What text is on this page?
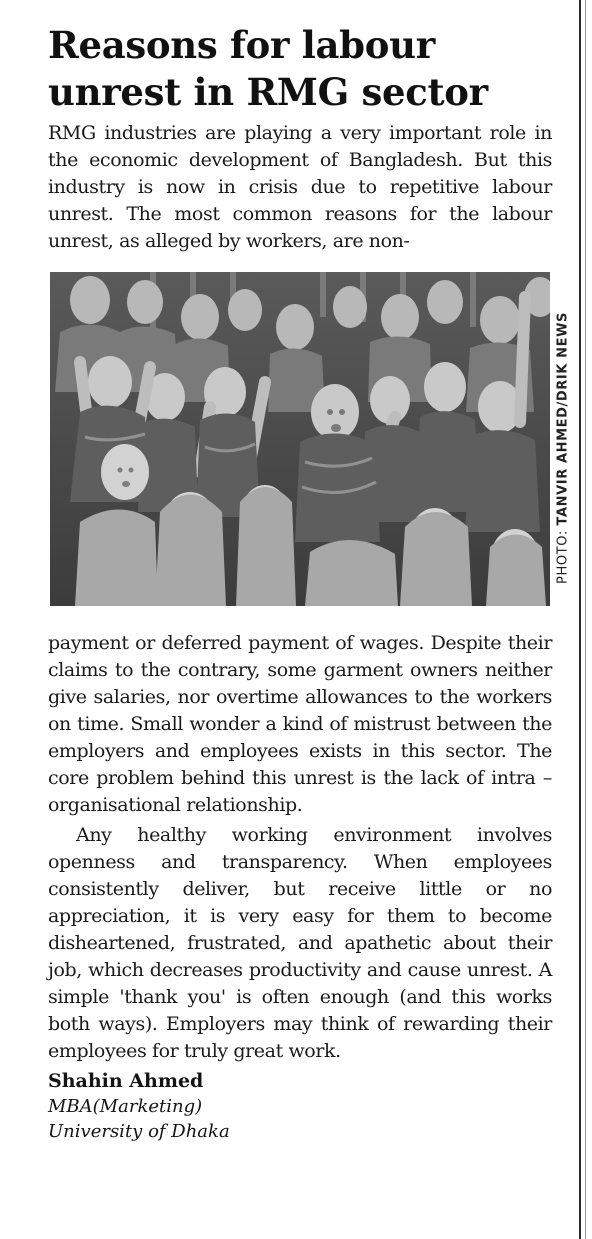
Reasons for labour unrest in RMG sector

RMG industries are playing a very important role in the economic development of Bangladesh. But this industry is now in crisis due to repetitive labour unrest. The most common reasons for the labour unrest, as alleged by workers, are non-

PHOTO: TANVIR AHMED/DRIK NEWS

payment or deferred payment of wages. Despite their claims to the contrary, some garment owners neither give salaries, nor overtime allowances to the workers on time. Small wonder a kind of mistrust between the employers and employees exists in this sector. The core problem behind this unrest is the lack of intra –organisational relationship.

Any healthy working environment involves openness and transparency. When employees consistently deliver, but receive little or no appreciation, it is very easy for them to become disheartened, frustrated, and apathetic about their job, which decreases productivity and cause unrest. A simple 'thank you' is often enough (and this works both ways). Employers may think of rewarding their employees for truly great work.

Shahin Ahmed
MBA(Marketing)
University of Dhaka
